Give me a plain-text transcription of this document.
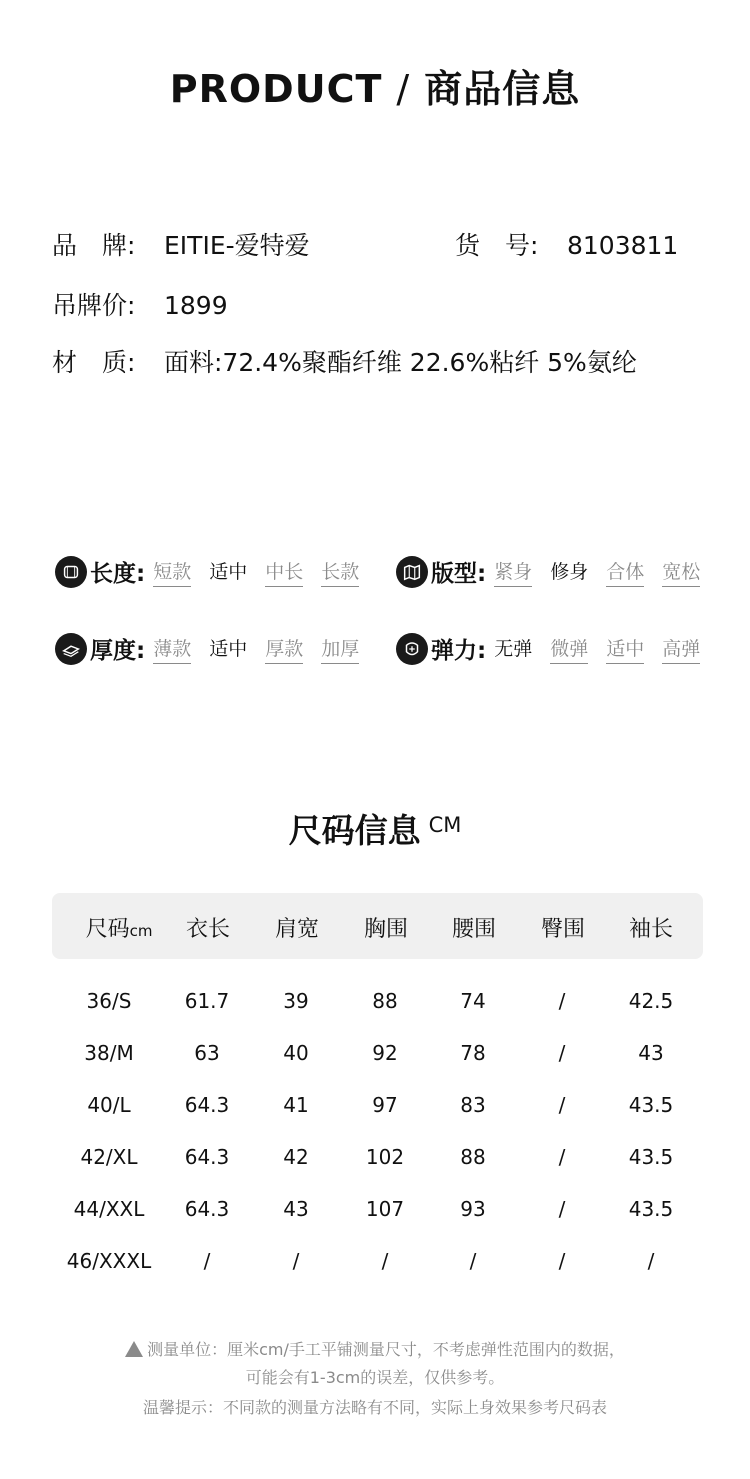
PRODUCT / 商品信息
品　牌: EITIE-爱特爱	货　号: 8103811
吊牌价: 1899
材　质: 面料:72.4%聚酯纤维 22.6%粘纤 5%氨纶
长度: 短款 适中 中长 长款	版型: 紧身 修身 合体 宽松
厚度: 薄款 适中 厚款 加厚	弹力: 无弹 微弹 适中 高弹
尺码信息 $^{CM}$
尺码cm	衣长	肩宽	胸围	腰围	臀围	袖长
36/S	61.7	39	88	74	/	42.5
38/M	63	40	92	78	/	43
40/L	64.3	41	97	83	/	43.5
42/XL	64.3	42	102	88	/	43.5
44/XXL	64.3	43	107	93	/	43.5
46/XXXL	/	/	/	/	/	/
测量单位：厘米cm/手工平铺测量尺寸，不考虑弹性范围内的数据，
可能会有1-3cm的误差，仅供参考。
温馨提示：不同款的测量方法略有不同，实际上身效果参考尺码表
